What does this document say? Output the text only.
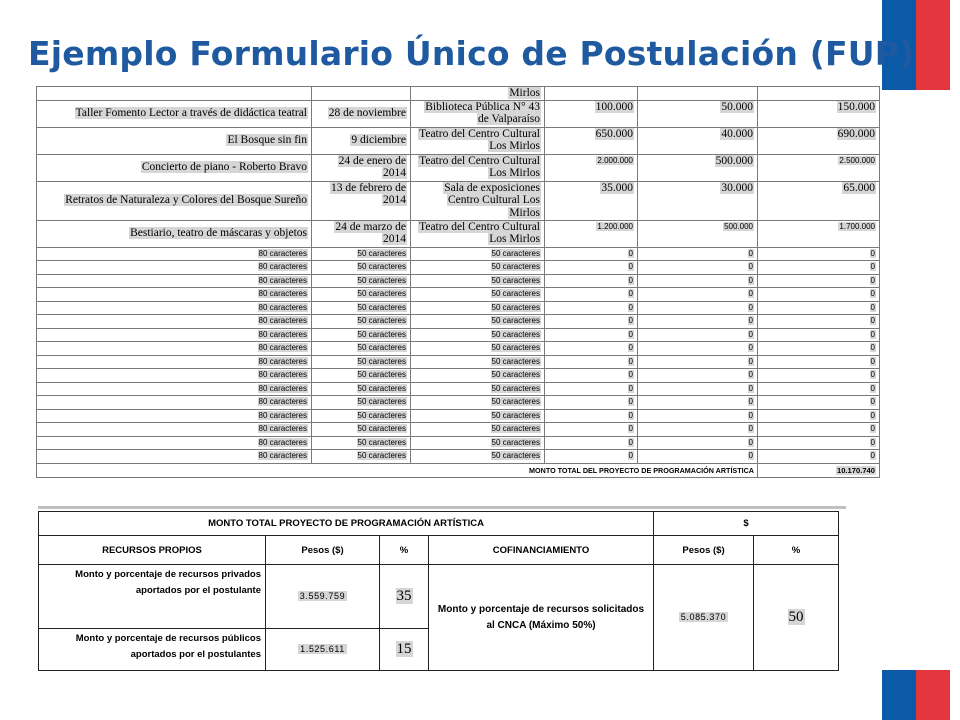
Ejemplo Formulario Único de Postulación (FUP)
		Mirlos			
Taller Fomento Lector a través de didáctica teatral	28 de noviembre	Biblioteca Pública N° 43 de Valparaíso	100.000	50.000	150.000
El Bosque sin fin	9 diciembre	Teatro del Centro Cultural Los Mirlos	650.000	40.000	690.000
Concierto de piano - Roberto Bravo	24 de enero de 2014	Teatro del Centro Cultural Los Mirlos	2.000.000	500.000	2.500.000
Retratos de Naturaleza y Colores del Bosque Sureño	13 de febrero de 2014	Sala de exposiciones Centro Cultural Los Mirlos	35.000	30.000	65.000
Bestiario, teatro de máscaras y objetos	24 de marzo de 2014	Teatro del Centro Cultural Los Mirlos	1.200.000	500.000	1.700.000
80 caracteres	50 caracteres	50 caracteres	0	0	0
80 caracteres	50 caracteres	50 caracteres	0	0	0
80 caracteres	50 caracteres	50 caracteres	0	0	0
80 caracteres	50 caracteres	50 caracteres	0	0	0
80 caracteres	50 caracteres	50 caracteres	0	0	0
80 caracteres	50 caracteres	50 caracteres	0	0	0
80 caracteres	50 caracteres	50 caracteres	0	0	0
80 caracteres	50 caracteres	50 caracteres	0	0	0
80 caracteres	50 caracteres	50 caracteres	0	0	0
80 caracteres	50 caracteres	50 caracteres	0	0	0
80 caracteres	50 caracteres	50 caracteres	0	0	0
80 caracteres	50 caracteres	50 caracteres	0	0	0
80 caracteres	50 caracteres	50 caracteres	0	0	0
80 caracteres	50 caracteres	50 caracteres	0	0	0
80 caracteres	50 caracteres	50 caracteres	0	0	0
80 caracteres	50 caracteres	50 caracteres	0	0	0
MONTO TOTAL DEL PROYECTO DE PROGRAMACIÓN ARTÍSTICA					10.170.740
MONTO TOTAL PROYECTO DE PROGRAMACIÓN ARTÍSTICA				$	
RECURSOS PROPIOS	Pesos ($)	%	COFINANCIAMIENTO	Pesos ($)	%
Monto y porcentaje de recursos privados aportados por el postulante	3.559.759	35	Monto y porcentaje de recursos solicitados al CNCA (Máximo 50%)	5.085.370	50
Monto y porcentaje de recursos públicos aportados por el postulantes	1.525.611	15			
